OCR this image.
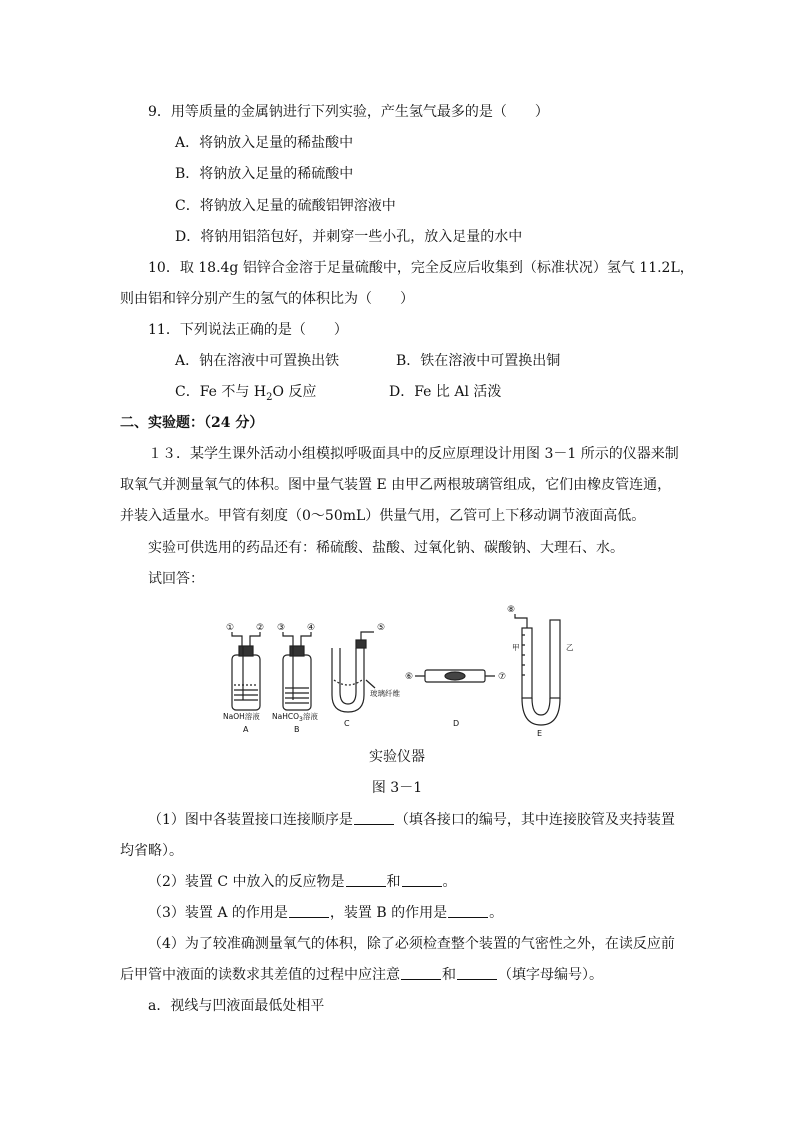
9．用等质量的金属钠进行下列实验，产生氢气最多的是（　　）
A．将钠放入足量的稀盐酸中
B．将钠放入足量的稀硫酸中
C．将钠放入足量的硫酸铝钾溶液中
D．将钠用铝箔包好，并刺穿一些小孔，放入足量的水中
10．取 18.4g 铝锌合金溶于足量硫酸中，完全反应后收集到（标准状况）氢气 11.2L，
则由铝和锌分别产生的氢气的体积比为（　　）
11．下列说法正确的是（　　）
A．钠在溶液中可置换出铁	B．铁在溶液中可置换出铜
C．Fe 不与 $H_2O$ 反应	D．Fe 比 Al 活泼
二、实验题：（24 分）
１３．某学生课外活动小组模拟呼吸面具中的反应原理设计用图 3－1 所示的仪器来制
取氧气并测量氧气的体积。图中量气装置 E 由甲乙两根玻璃管组成，它们由橡皮管连通，
并装入适量水。甲管有刻度（0～50mL）供量气用，乙管可上下移动调节液面高低。
实验可供选用的药品还有：稀硫酸、盐酸、过氧化钠、碳酸钠、大理石、水。
试回答：
① ② ③ ④	⑤
⑥	⑦
⑧
NaOH溶液 NaHCO$_3$溶液
玻璃纤维
甲	乙
A	B
C	D
E
实验仪器
图 3－1
（1）图中各装置接口连接顺序是	（填各接口的编号，其中连接胶管及夹持装置
均省略）。
（2）装置 C 中放入的反应物是	和	。
（3）装置 A 的作用是	，装置 B 的作用是	。
（4）为了较准确测量氧气的体积，除了必须检查整个装置的气密性之外，在读反应前
后甲管中液面的读数求其差值的过程中应注意	和	（填字母编号）。
a．视线与凹液面最低处相平
